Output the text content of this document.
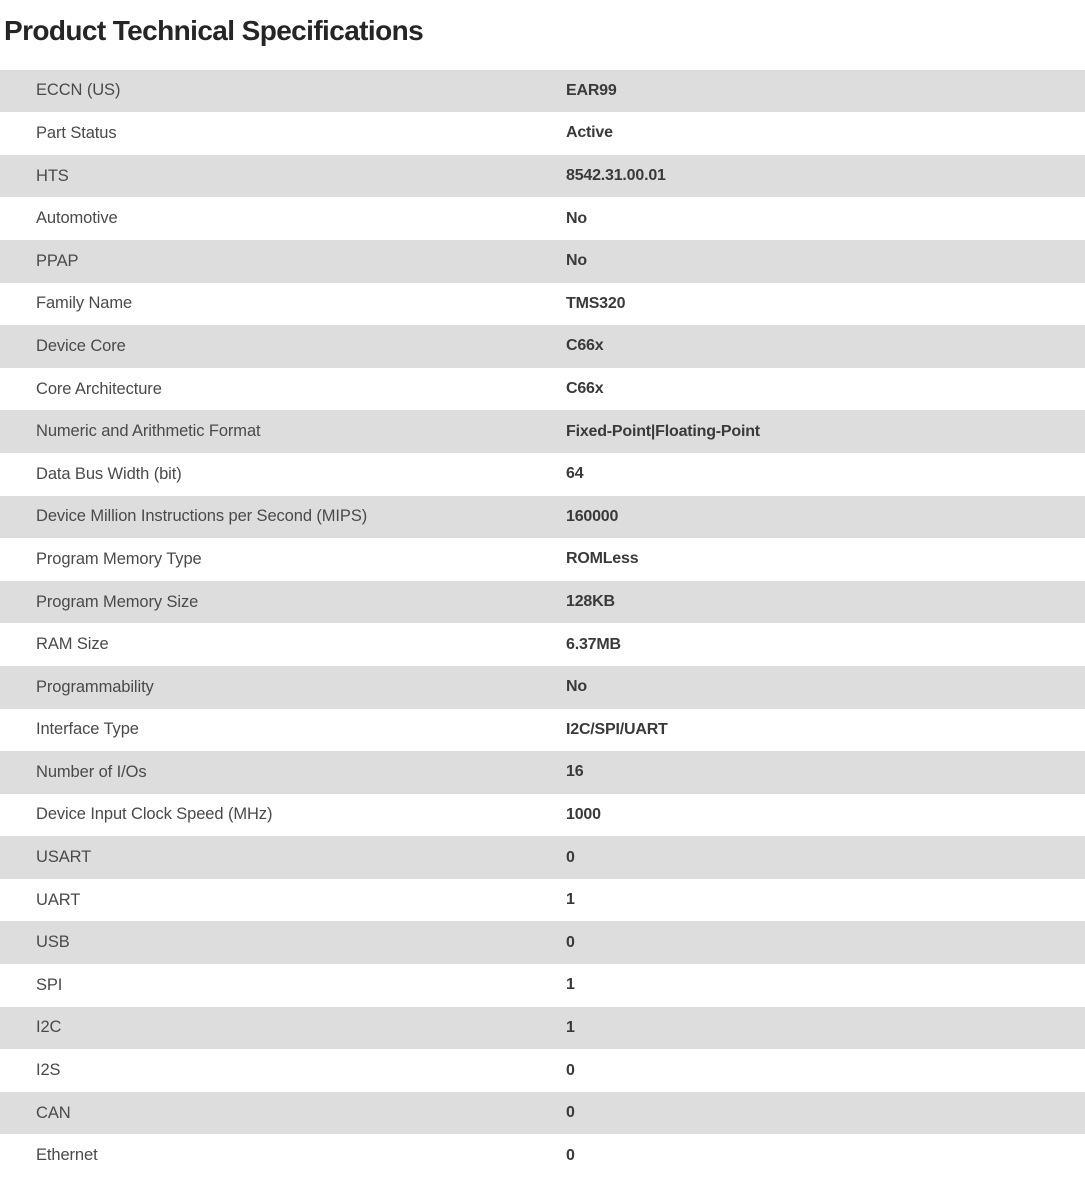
Product Technical Specifications
ECCN (US)	EAR99
Part Status	Active
HTS	8542.31.00.01
Automotive	No
PPAP	No
Family Name	TMS320
Device Core	C66x
Core Architecture	C66x
Numeric and Arithmetic Format	Fixed-Point|Floating-Point
Data Bus Width (bit)	64
Device Million Instructions per Second (MIPS)	160000
Program Memory Type	ROMLess
Program Memory Size	128KB
RAM Size	6.37MB
Programmability	No
Interface Type	I2C/SPI/UART
Number of I/Os	16
Device Input Clock Speed (MHz)	1000
USART	0
UART	1
USB	0
SPI	1
I2C	1
I2S	0
CAN	0
Ethernet	0
